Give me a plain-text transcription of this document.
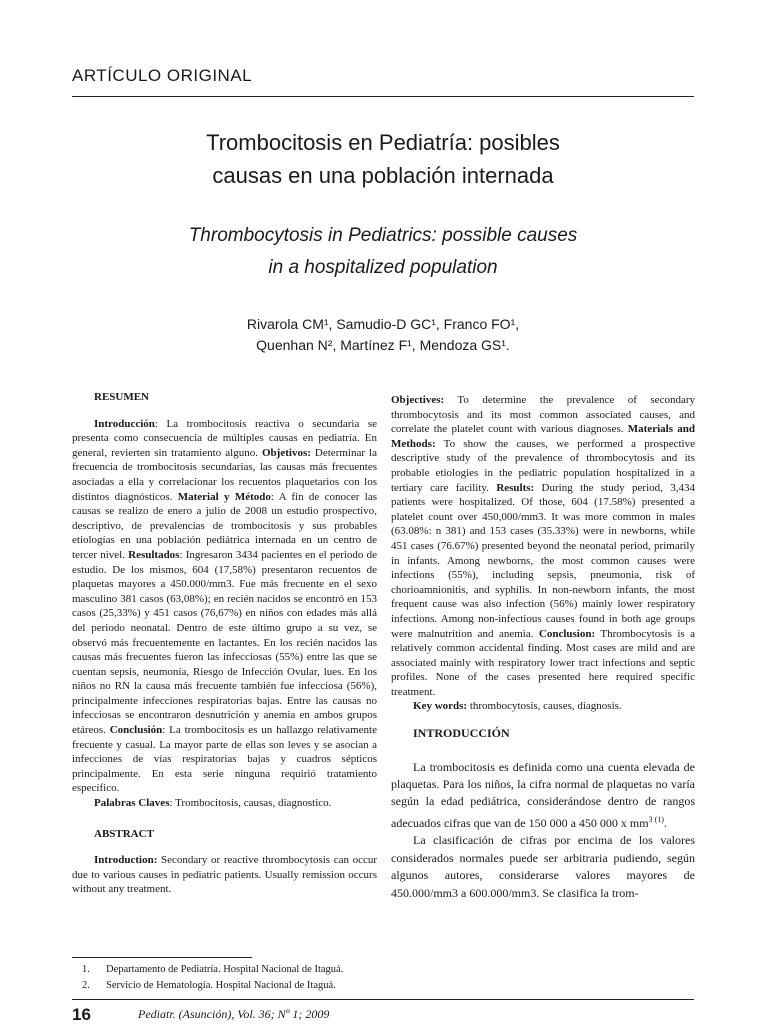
ARTÍCULO ORIGINAL
Trombocitosis en Pediatría: posibles
causas en una población internada
Thrombocytosis in Pediatrics: possible causes
in a hospitalized population
Rivarola CM¹, Samudio-D GC¹, Franco FO¹,
Quenhan N², Martínez F¹, Mendoza GS¹.

RESUMEN

Introducción: La trombocitosis reactiva o secundaria se presenta como consecuencia de múltiples causas en pediatría. En general, revierten sin tratamiento alguno. Objetivos: Determinar la frecuencia de trombocitosis secundarias, las causas más frecuentes asociadas a ella y correlacionar los recuentos plaquetarios con los distintos diagnósticos. Material y Método: A fin de conocer las causas se realizo de enero a julio de 2008 un estudio prospectivo, descriptivo, de prevalencias de trombocitosis y sus probables etiologías en una población pediátrica internada en un centro de tercer nivel. Resultados: Ingresaron 3434 pacientes en el periodo de estudio. De los mismos, 604 (17,58%) presentaron recuentos de plaquetas mayores a 450.000/mm3. Fue más frecuente en el sexo masculino 381 casos (63,08%); en recién nacidos se encontró en 153 casos (25,33%) y 451 casos (76,67%) en niños con edades más allá del periodo neonatal. Dentro de este último grupo a su vez, se observó más frecuentemente en lactantes. En los recién nacidos las causas más frecuentes fueron las infecciosas (55%) entre las que se cuentan sepsis, neumonía, Riesgo de Infección Ovular, lues. En los niños no RN la causa más frecuente también fue infecciosa (56%), principalmente infecciones respiratorias bajas. Entre las causas no infecciosas se encontraron desnutrición y anemia en ambos grupos etáreos. Conclusión: La trombocitosis es un hallazgo relativamente frecuente y casual. La mayor parte de ellas son leves y se asocian a infecciones de vías respiratorias bajas y cuadros sépticos principalmente. En esta serie ninguna requirió tratamiento específico.

Palabras Claves: Trombocitosis, causas, diagnostico.

ABSTRACT

Introduction: Secondary or reactive thrombocytosis can occur due to various causes in pediatric patients. Usually remission occurs without any treatment.

Objectives: To determine the prevalence of secondary thrombocytosis and its most common associated causes, and correlate the platelet count with various diagnoses. Materials and Methods: To show the causes, we performed a prospective descriptive study of the prevalence of thrombocytosis and its probable etiologies in the pediatric population hospitalized in a tertiary care facility. Results: During the study period, 3,434 patients were hospitalized. Of those, 604 (17.58%) presented a platelet count over 450,000/mm3. It was more common in males (63.08%: n 381) and 153 cases (35.33%) were in newborns, while 451 cases (76.67%) presented beyond the neonatal period, primarily in infants. Among newborns, the most common causes were infections (55%), including sepsis, pneumonia, risk of chorioamnionitis, and syphilis. In non-newborn infants, the most frequent cause was also infection (56%) mainly lower respiratory infections. Among non-infectious causes found in both age groups were malnutrition and anemia. Conclusion: Thrombocytosis is a relatively common accidental finding. Most cases are mild and are associated mainly with respiratory lower tract infections and septic profiles. None of the cases presented here required specific treatment.

Key words: thrombocytosis, causes, diagnosis.

INTRODUCCIÓN

La trombocitosis es definida como una cuenta elevada de plaquetas. Para los niños, la cifra normal de plaquetas no varía según la edad pediátrica, considerándose dentro de rangos adecuados cifras que van de 150 000 a 450 000 x $mm^{3 (1)}$.

La clasificación de cifras por encima de los valores considerados normales puede ser arbitraria pudiendo, según algunos autores, considerarse valores mayores de 450.000/mm3 a 600.000/mm3. Se clasifica la trom-

1. Departamento de Pediatría. Hospital Nacional de Itaguá.
2. Servicio de Hematología. Hospital Nacional de Itaguá.
16	Pediatr. (Asunción), Vol. 36; Nº 1; 2009
